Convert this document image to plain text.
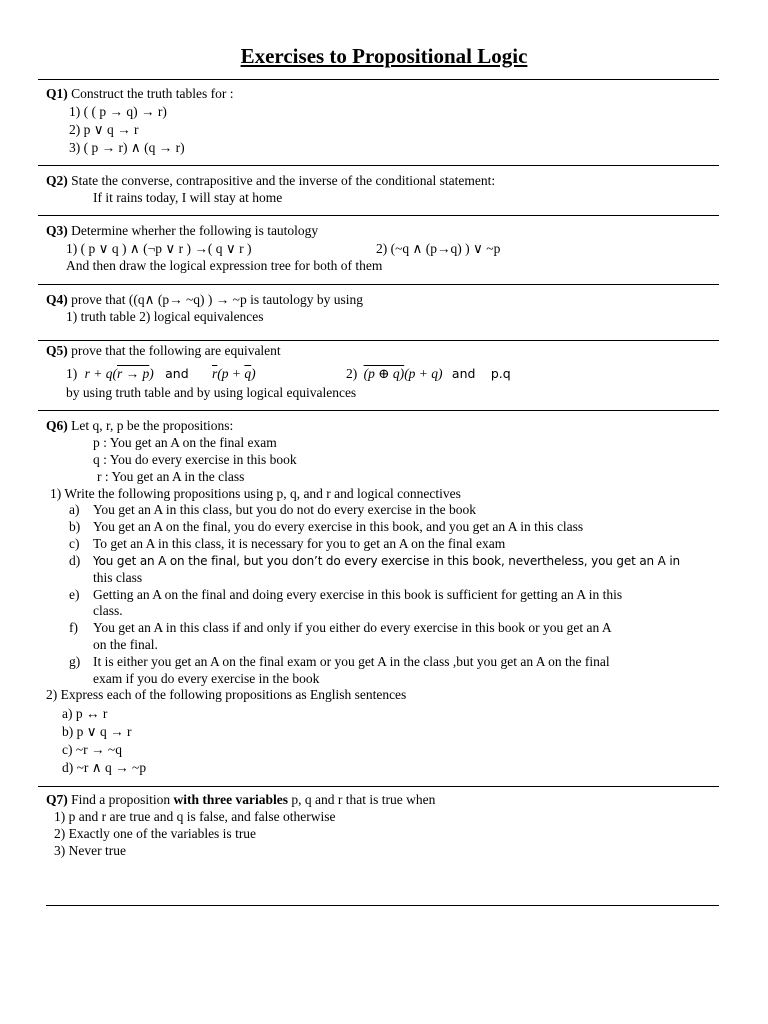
Exercises to Propositional Logic
Q1) Construct the truth tables for :
1) ( ( p → q) → r)
2) p ∨ q → r
3) ( p → r) ∧ (q → r)
Q2) State the converse, contrapositive and the inverse of the conditional statement:
If it rains today, I will stay at home
Q3) Determine wherher the following is tautology
1) ( p ∨ q ) ∧ (¬p ∨ r ) →( q ∨ r )	2) (~q ∧ (p→q) ) ∨ ~p
And then draw the logical expression tree for both of them
Q4) prove that ((q∧ (p→ ~q) ) → ~p is tautology by using
1) truth table 2) logical equivalences
Q5) prove that the following are equivalent
1) r + q(r → p) and $\overline{r}(p + \overline{q})$	2) (p ⊕ q)(p + q) and p.q
by using truth table and by using logical equivalences
Q6) Let q, r, p be the propositions:
p : You get an A on the final exam
q : You do every exercise in this book
r : You get an A in the class
1) Write the following propositions using p, q, and r and logical connectives
a) You get an A in this class, but you do not do every exercise in the book
b) You get an A on the final, you do every exercise in this book, and you get an A in this class
c) To get an A in this class, it is necessary for you to get an A on the final exam
d) You get an A on the final, but you don’t do every exercise in this book, nevertheless, you get an A in
this class
e) Getting an A on the final and doing every exercise in this book is sufficient for getting an A in this
class.
f) You get an A in this class if and only if you either do every exercise in this book or you get an A
on the final.
g) It is either you get an A on the final exam or you get A in the class ,but you get an A on the final
exam if you do every exercise in the book
2) Express each of the following propositions as English sentences
a) p ↔ r
b) p ∨ q → r
c) ~r → ~q
d) ~r ∧ q → ~p
Q7) Find a proposition with three variables p, q and r that is true when
1) p and r are true and q is false, and false otherwise
2) Exactly one of the variables is true
3) Never true
